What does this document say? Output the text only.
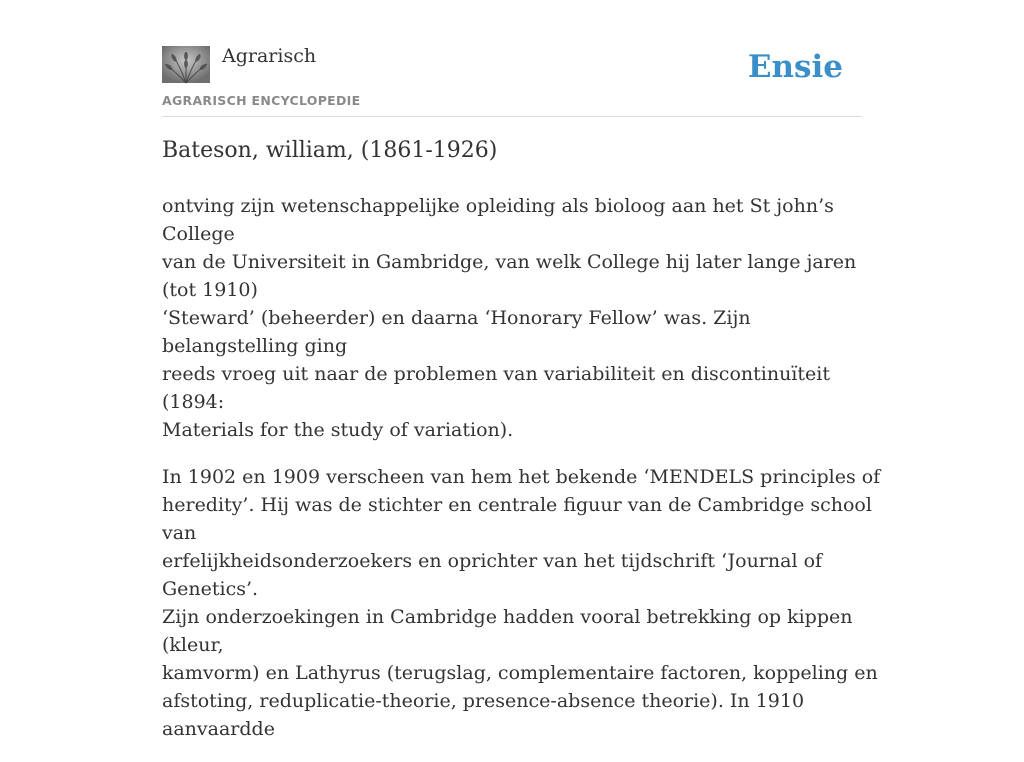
Agrarisch
AGRARISCH ENCYCLOPEDIE
Ensie
Bateson, william, (1861-1926)

ontving zijn wetenschappelijke opleiding als bioloog aan het St john’s College
van de Universiteit in Gambridge, van welk College hij later lange jaren (tot 1910)
‘Steward’ (beheerder) en daarna ‘Honorary Fellow’ was. Zijn belangstelling ging
reeds vroeg uit naar de problemen van variabiliteit en discontinuïteit (1894:
Materials for the study of variation).

In 1902 en 1909 verscheen van hem het bekende ‘MENDELS principles of
heredity’. Hij was de stichter en centrale figuur van de Cambridge school van
erfelijkheidsonderzoekers en oprichter van het tijdschrift ‘Journal of Genetics’.
Zijn onderzoekingen in Cambridge hadden vooral betrekking op kippen (kleur,
kamvorm) en Lathyrus (terugslag, complementaire factoren, koppeling en
afstoting, reduplicatie-theorie, presence-absence theorie). In 1910 aanvaardde
